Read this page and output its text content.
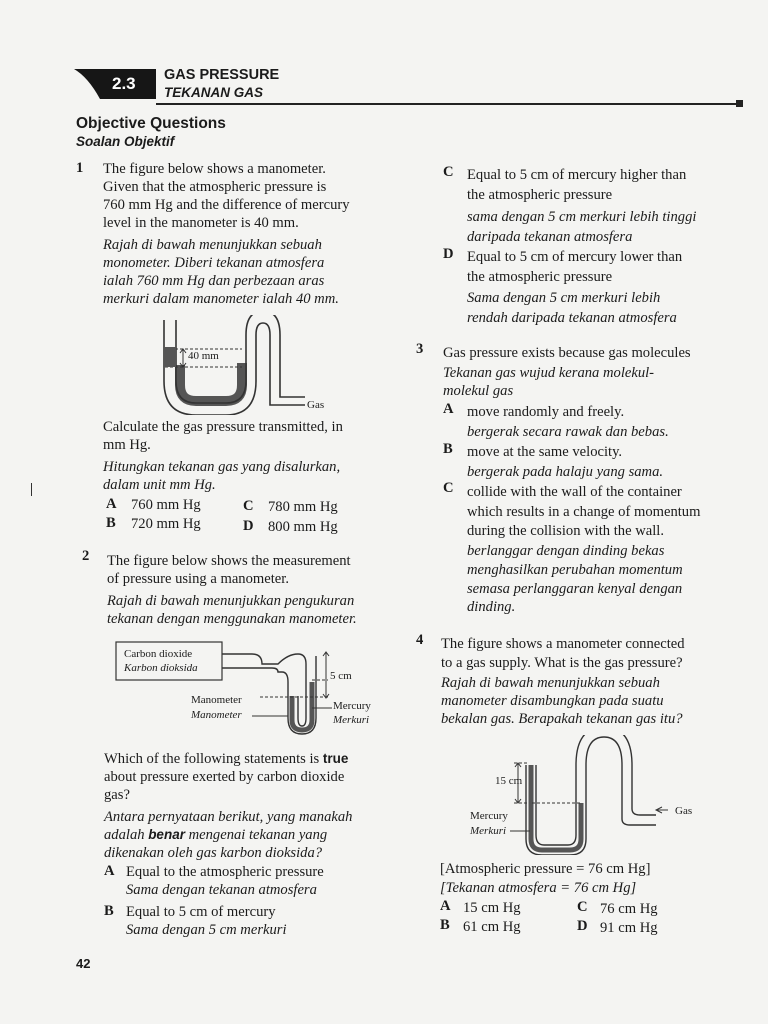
2.3 GAS PRESSURE
TEKANAN GAS
Objective Questions
Soalan Objektif
1 The figure below shows a manometer.
Given that the atmospheric pressure is
760 mm Hg and the difference of mercury
level in the manometer is 40 mm.
Rajah di bawah menunjukkan sebuah
monometer. Diberi tekanan atmosfera
ialah 760 mm Hg dan perbezaan aras
merkuri dalam manometer ialah 40 mm.
40 mm
Gas
Calculate the gas pressure transmitted, in
mm Hg.
Hitungkan tekanan gas yang disalurkan,
dalam unit mm Hg.
A 760 mm Hg	C 780 mm Hg
B 720 mm Hg	D 800 mm Hg
2 The figure below shows the measurement
of pressure using a manometer.
Rajah di bawah menunjukkan pengukuran
tekanan dengan menggunakan manometer.
Carbon dioxide
Karbon dioksida
Manometer
Manometer
5 cm
Mercury
Merkuri
Which of the following statements is true
about pressure exerted by carbon dioxide
gas?
Antara pernyataan berikut, yang manakah
adalah benar mengenai tekanan yang
dikenakan oleh gas karbon dioksida?
A Equal to the atmospheric pressure
Sama dengan tekanan atmosfera
B Equal to 5 cm of mercury
Sama dengan 5 cm merkuri
C Equal to 5 cm of mercury higher than
the atmospheric pressure
sama dengan 5 cm merkuri lebih tinggi
daripada tekanan atmosfera
D Equal to 5 cm of mercury lower than
the atmospheric pressure
Sama dengan 5 cm merkuri lebih
rendah daripada tekanan atmosfera
3 Gas pressure exists because gas molecules
Tekanan gas wujud kerana molekul-
molekul gas
A move randomly and freely.
bergerak secara rawak dan bebas.
B move at the same velocity.
bergerak pada halaju yang sama.
C collide with the wall of the container
which results in a change of momentum
during the collision with the wall.
berlanggar dengan dinding bekas
menghasilkan perubahan momentum
semasa perlanggaran kenyal dengan
dinding.
4 The figure shows a manometer connected
to a gas supply. What is the gas pressure?
Rajah di bawah menunjukkan sebuah
manometer disambungkan pada suatu
bekalan gas. Berapakah tekanan gas itu?
15 cm
Mercury
Merkuri
Gas
[Atmospheric pressure = 76 cm Hg]
[Tekanan atmosfera = 76 cm Hg]
A 15 cm Hg	C 76 cm Hg
B 61 cm Hg	D 91 cm Hg
42
